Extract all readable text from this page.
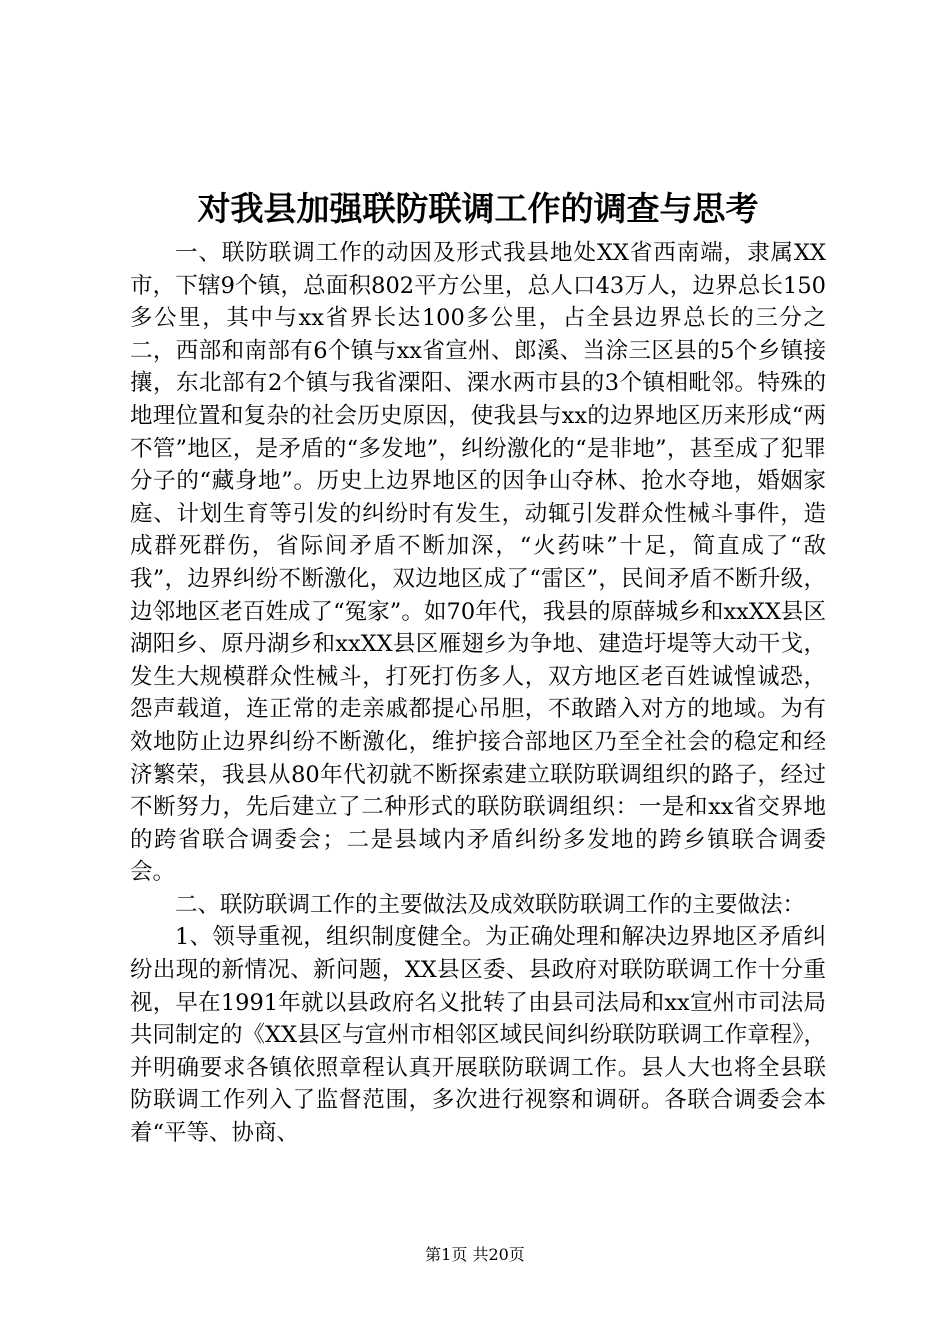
对我县加强联防联调工作的调查与思考

一、联防联调工作的动因及形式我县地处XX省西南端，隶属XX市，下辖9个镇，总面积802平方公里，总人口43万人，边界总长150多公里，其中与xx省界长达100多公里，占全县边界总长的三分之二，西部和南部有6个镇与xx省宣州、郎溪、当涂三区县的5个乡镇接攘，东北部有2个镇与我省溧阳、溧水两市县的3个镇相毗邻。特殊的地理位置和复杂的社会历史原因，使我县与xx的边界地区历来形成“两不管”地区，是矛盾的“多发地”，纠纷激化的“是非地”，甚至成了犯罪分子的“藏身地”。历史上边界地区的因争山夺林、抢水夺地，婚姻家庭、计划生育等引发的纠纷时有发生，动辄引发群众性械斗事件，造成群死群伤，省际间矛盾不断加深，“火药味”十足，简直成了“敌我”，边界纠纷不断激化，双边地区成了“雷区”，民间矛盾不断升级，边邻地区老百姓成了“冤家”。如70年代，我县的原薛城乡和xxXX县区湖阳乡、原丹湖乡和xxXX县区雁翅乡为争地、建造圩堤等大动干戈，发生大规模群众性械斗，打死打伤多人，双方地区老百姓诚惶诚恐，怨声载道，连正常的走亲戚都提心吊胆，不敢踏入对方的地域。为有效地防止边界纠纷不断激化，维护接合部地区乃至全社会的稳定和经济繁荣，我县从80年代初就不断探索建立联防联调组织的路子，经过不断努力，先后建立了二种形式的联防联调组织：一是和xx省交界地的跨省联合调委会；二是县域内矛盾纠纷多发地的跨乡镇联合调委会。

二、联防联调工作的主要做法及成效联防联调工作的主要做法：

1、领导重视，组织制度健全。为正确处理和解决边界地区矛盾纠纷出现的新情况、新问题，XX县区委、县政府对联防联调工作十分重视，早在1991年就以县政府名义批转了由县司法局和xx宣州市司法局共同制定的《XX县区与宣州市相邻区域民间纠纷联防联调工作章程》，并明确要求各镇依照章程认真开展联防联调工作。县人大也将全县联防联调工作列入了监督范围，多次进行视察和调研。各联合调委会本着“平等、协商、

第1页 共20页
